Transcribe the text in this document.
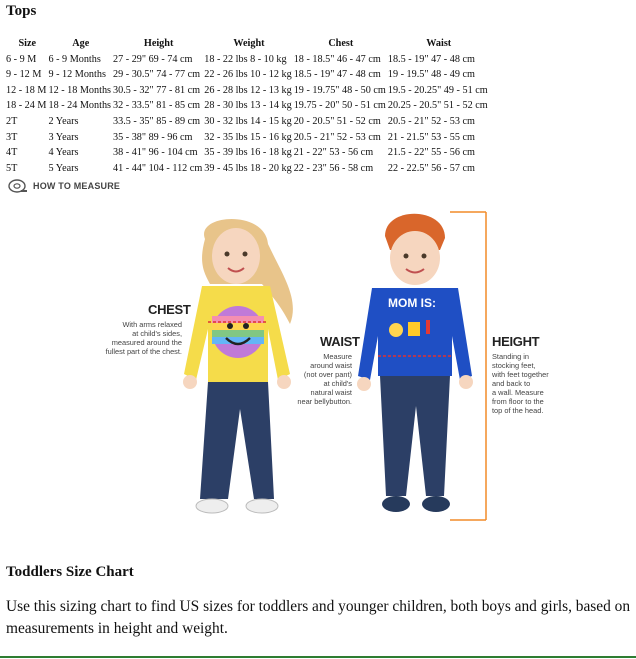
Tops
Size	Age	Height	Weight	Chest	Waist
6 - 9 M	6 - 9 Months	27 - 29" 69 - 74 cm	18 - 22 lbs 8 - 10 kg	18 - 18.5" 46 - 47 cm	18.5 - 19" 47 - 48 cm
9 - 12 M	9 - 12 Months	29 - 30.5" 74 - 77 cm	22 - 26 lbs 10 - 12 kg	18.5 - 19" 47 - 48 cm	19 - 19.5" 48 - 49 cm
12 - 18 M	12 - 18 Months	30.5 - 32" 77 - 81 cm	26 - 28 lbs 12 - 13 kg	19 - 19.75" 48 - 50 cm	19.5 - 20.25" 49 - 51 cm
18 - 24 M	18 - 24 Months	32 - 33.5" 81 - 85 cm	28 - 30 lbs 13 - 14 kg	19.75 - 20" 50 - 51 cm	20.25 - 20.5" 51 - 52 cm
2T	2 Years	33.5 - 35" 85 - 89 cm	30 - 32 lbs 14 - 15 kg	20 - 20.5" 51 - 52 cm	20.5 - 21" 52 - 53 cm
3T	3 Years	35 - 38" 89 - 96 cm	32 - 35 lbs 15 - 16 kg	20.5 - 21" 52 - 53 cm	21 - 21.5" 53 - 55 cm
4T	4 Years	38 - 41" 96 - 104 cm	35 - 39 lbs 16 - 18 kg	21 - 22" 53 - 56 cm	21.5 - 22" 55 - 56 cm
5T	5 Years	41 - 44" 104 - 112 cm	39 - 45 lbs 18 - 20 kg	22 - 23" 56 - 58 cm	22 - 22.5" 56 - 57 cm
HOW TO MEASURE
CHEST
With arms relaxed
at child's sides,
measured around the
fullest part of the chest.
WAIST
Measure
around waist
(not over pant)
at child's
natural waist
near bellybutton.
HEIGHT
Standing in
stocking feet,
with feet together
and back to
a wall. Measure
from floor to the
top of the head.
MOM IS:
Toddlers Size Chart
Use this sizing chart to find US sizes for toddlers and younger children, both boys and girls, based on measurements in height and weight.
